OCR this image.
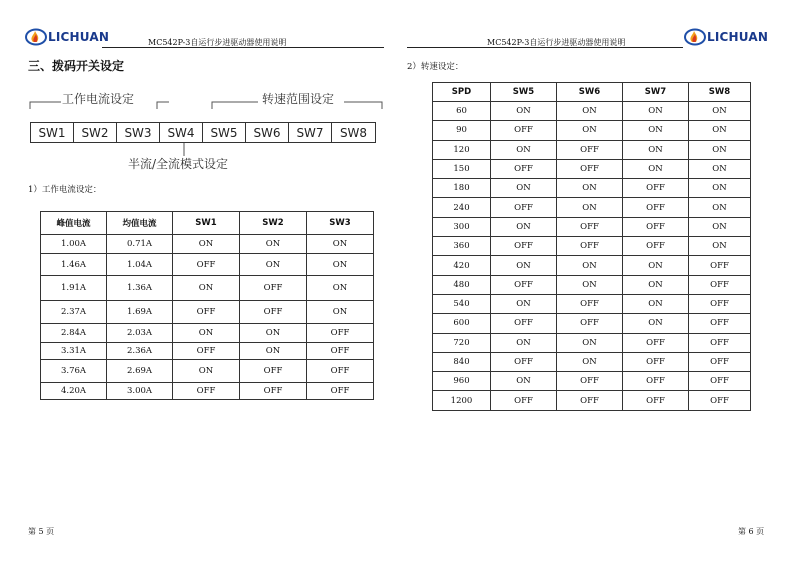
LICHUAN	MC542P-3自运行步进驱动器使用说明	MC542P-3自运行步进驱动器使用说明	LICHUAN
三、拨码开关设定
工作电流设定	转速范围设定
SW1	SW2	SW3	SW4	SW5	SW6	SW7	SW8
半流/全流模式设定
1）工作电流设定：
峰值电流	均值电流	SW1	SW2	SW3
1.00A	0.71A	ON	ON	ON
1.46A	1.04A	OFF	ON	ON
1.91A	1.36A	ON	OFF	ON
2.37A	1.69A	OFF	OFF	ON
2.84A	2.03A	ON	ON	OFF
3.31A	2.36A	OFF	ON	OFF
3.76A	2.69A	ON	OFF	OFF
4.20A	3.00A	OFF	OFF	OFF
第 5 页
2）转速设定：
SPD	SW5	SW6	SW7	SW8
60	ON	ON	ON	ON
90	OFF	ON	ON	ON
120	ON	OFF	ON	ON
150	OFF	OFF	ON	ON
180	ON	ON	OFF	ON
240	OFF	ON	OFF	ON
300	ON	OFF	OFF	ON
360	OFF	OFF	OFF	ON
420	ON	ON	ON	OFF
480	OFF	ON	ON	OFF
540	ON	OFF	ON	OFF
600	OFF	OFF	ON	OFF
720	ON	ON	OFF	OFF
840	OFF	ON	OFF	OFF
960	ON	OFF	OFF	OFF
1200	OFF	OFF	OFF	OFF
第 6 页
